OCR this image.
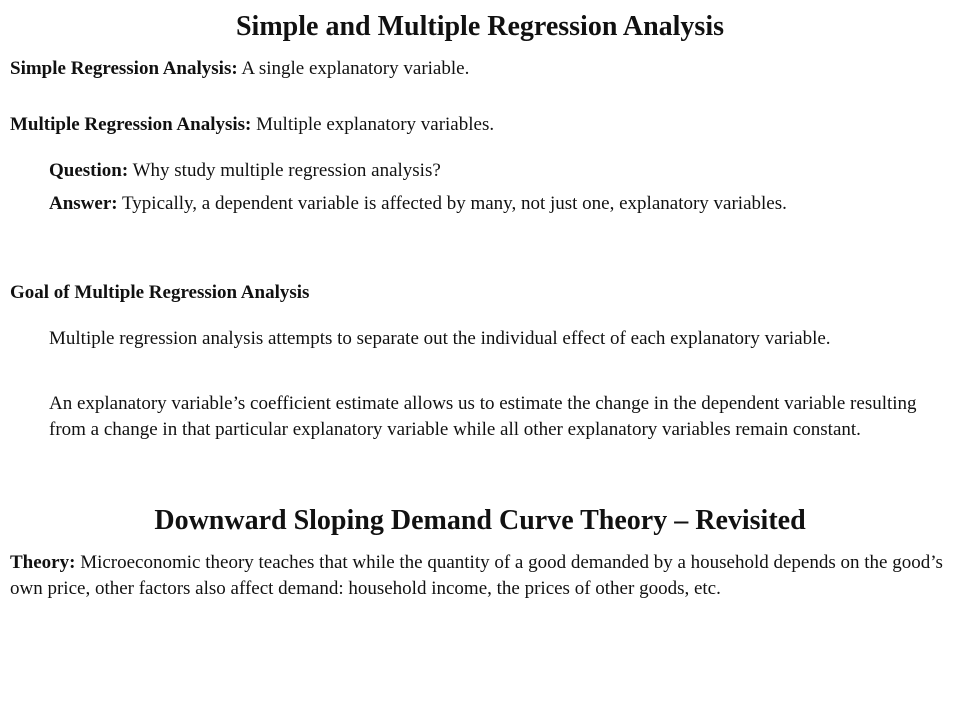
Simple and Multiple Regression Analysis

Simple Regression Analysis: A single explanatory variable.

Multiple Regression Analysis: Multiple explanatory variables.

Question: Why study multiple regression analysis?

Answer: Typically, a dependent variable is affected by many, not just one, explanatory variables.

Goal of Multiple Regression Analysis

Multiple regression analysis attempts to separate out the individual effect of each explanatory variable.

An explanatory variable’s coefficient estimate allows us to estimate the change in the dependent variable resulting from a change in that particular explanatory variable while all other explanatory variables remain constant.

Downward Sloping Demand Curve Theory – Revisited

Theory: Microeconomic theory teaches that while the quantity of a good demanded by a household depends on the good’s own price, other factors also affect demand: household income, the prices of other goods, etc.
